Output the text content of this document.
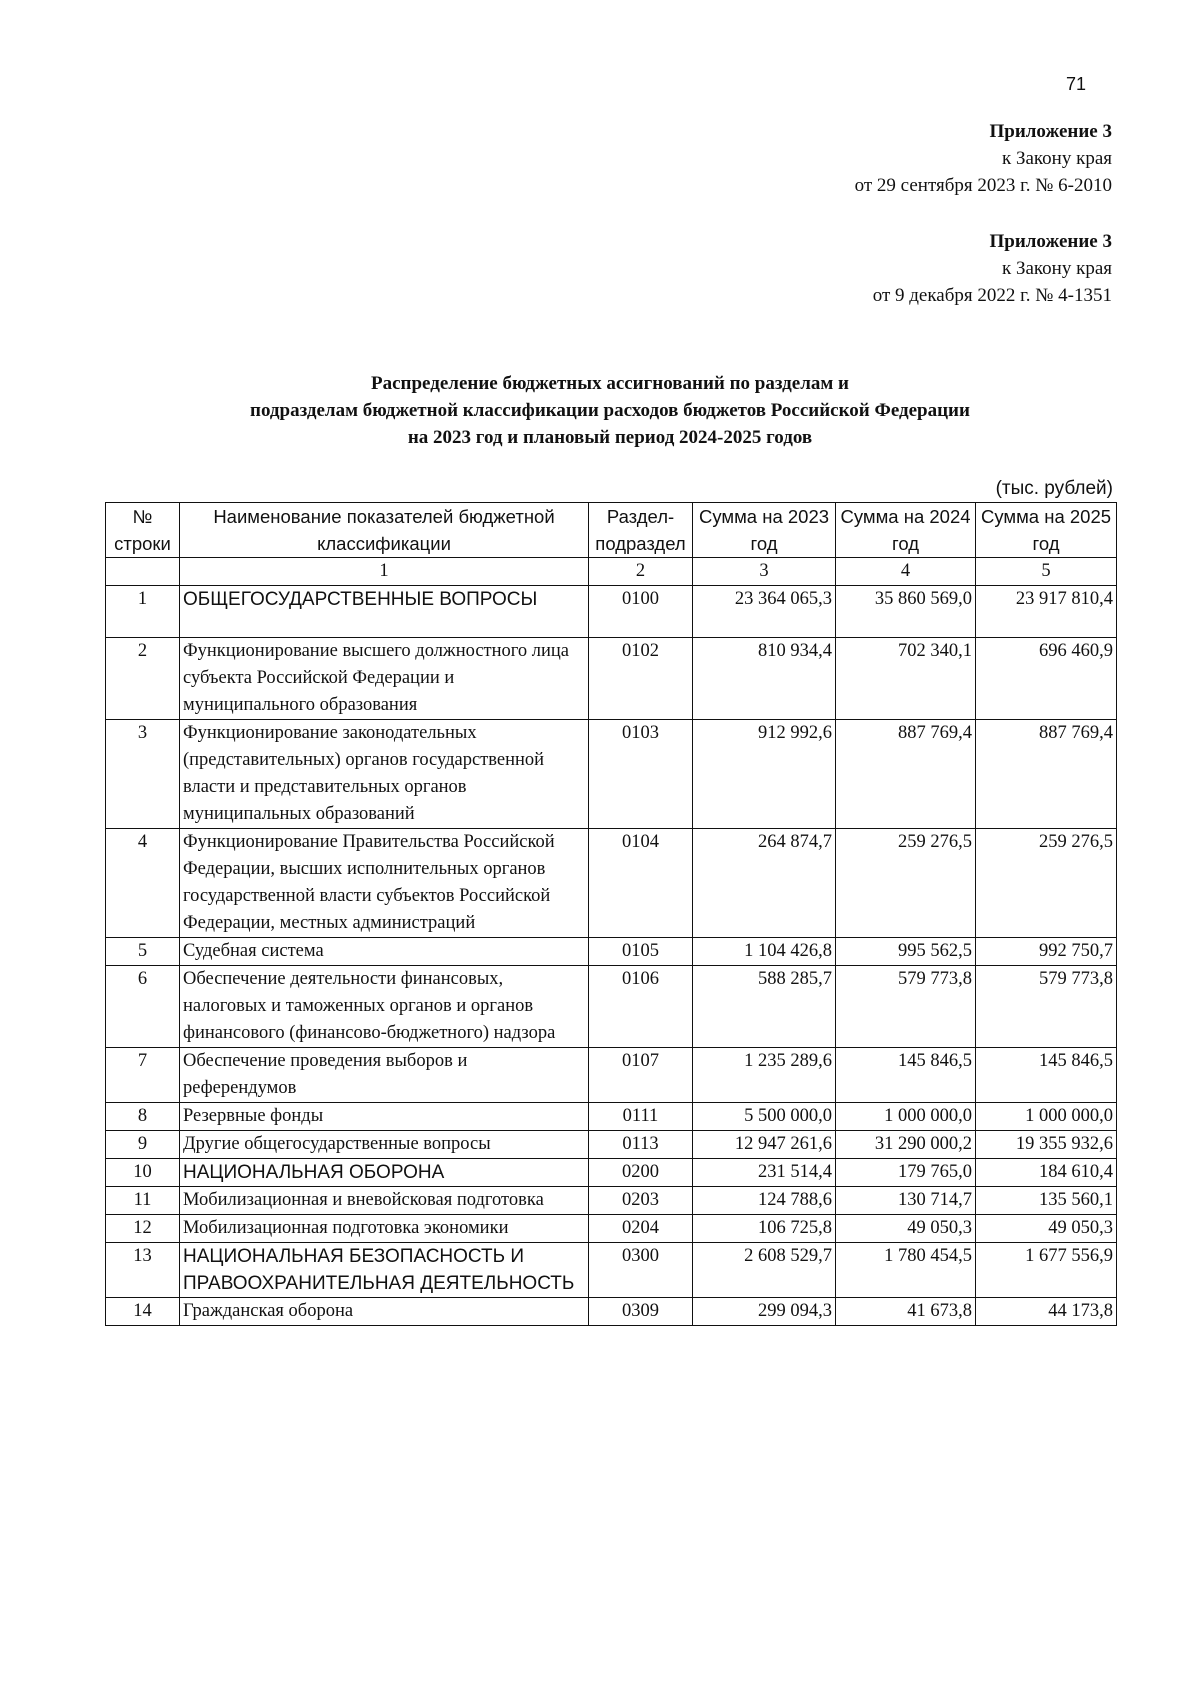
71
Приложение 3
к Закону края
от 29 сентября 2023 г. № 6-2010
Приложение 3
к Закону края
от 9 декабря 2022 г. № 4-1351
Распределение бюджетных ассигнований по разделам и
подразделам бюджетной классификации расходов бюджетов Российской Федерации
на 2023 год и плановый период 2024-2025 годов
(тыс. рублей)
№ строки	Наименование показателей бюджетной классификации	Раздел-подраздел	Сумма на 2023 год	Сумма на 2024 год	Сумма на 2025 год
	1	2	3	4	5
1	ОБЩЕГОСУДАРСТВЕННЫЕ ВОПРОСЫ	0100	23 364 065,3	35 860 569,0	23 917 810,4
2	Функционирование высшего должностного лица субъекта Российской Федерации и муниципального образования	0102	810 934,4	702 340,1	696 460,9
3	Функционирование законодательных (представительных) органов государственной власти и представительных органов муниципальных образований	0103	912 992,6	887 769,4	887 769,4
4	Функционирование Правительства Российской Федерации, высших исполнительных органов государственной власти субъектов Российской Федерации, местных администраций	0104	264 874,7	259 276,5	259 276,5
5	Судебная система	0105	1 104 426,8	995 562,5	992 750,7
6	Обеспечение деятельности финансовых, налоговых и таможенных органов и органов финансового (финансово-бюджетного) надзора	0106	588 285,7	579 773,8	579 773,8
7	Обеспечение проведения выборов и референдумов	0107	1 235 289,6	145 846,5	145 846,5
8	Резервные фонды	0111	5 500 000,0	1 000 000,0	1 000 000,0
9	Другие общегосударственные вопросы	0113	12 947 261,6	31 290 000,2	19 355 932,6
10	НАЦИОНАЛЬНАЯ ОБОРОНА	0200	231 514,4	179 765,0	184 610,4
11	Мобилизационная и вневойсковая подготовка	0203	124 788,6	130 714,7	135 560,1
12	Мобилизационная подготовка экономики	0204	106 725,8	49 050,3	49 050,3
13	НАЦИОНАЛЬНАЯ БЕЗОПАСНОСТЬ И ПРАВООХРАНИТЕЛЬНАЯ ДЕЯТЕЛЬНОСТЬ	0300	2 608 529,7	1 780 454,5	1 677 556,9
14	Гражданская оборона	0309	299 094,3	41 673,8	44 173,8
